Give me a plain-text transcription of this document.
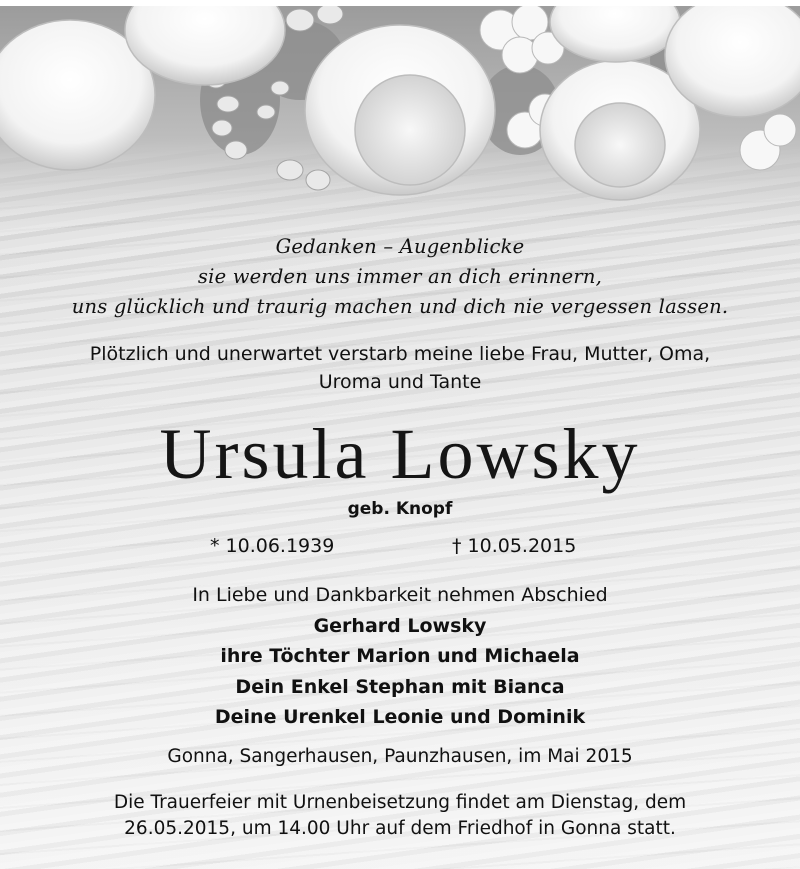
Gedanken – Augenblicke
sie werden uns immer an dich erinnern,
uns glücklich und traurig machen und dich nie vergessen lassen.
Plötzlich und unerwartet verstarb meine liebe Frau, Mutter, Oma,
Uroma und Tante
Ursula Lowsky
geb. Knopf
* 10.06.1939	† 10.05.2015
In Liebe und Dankbarkeit nehmen Abschied
Gerhard Lowsky
ihre Töchter Marion und Michaela
Dein Enkel Stephan mit Bianca
Deine Urenkel Leonie und Dominik
Gonna, Sangerhausen, Paunzhausen, im Mai 2015
Die Trauerfeier mit Urnenbeisetzung findet am Dienstag, dem
26.05.2015, um 14.00 Uhr auf dem Friedhof in Gonna statt.
